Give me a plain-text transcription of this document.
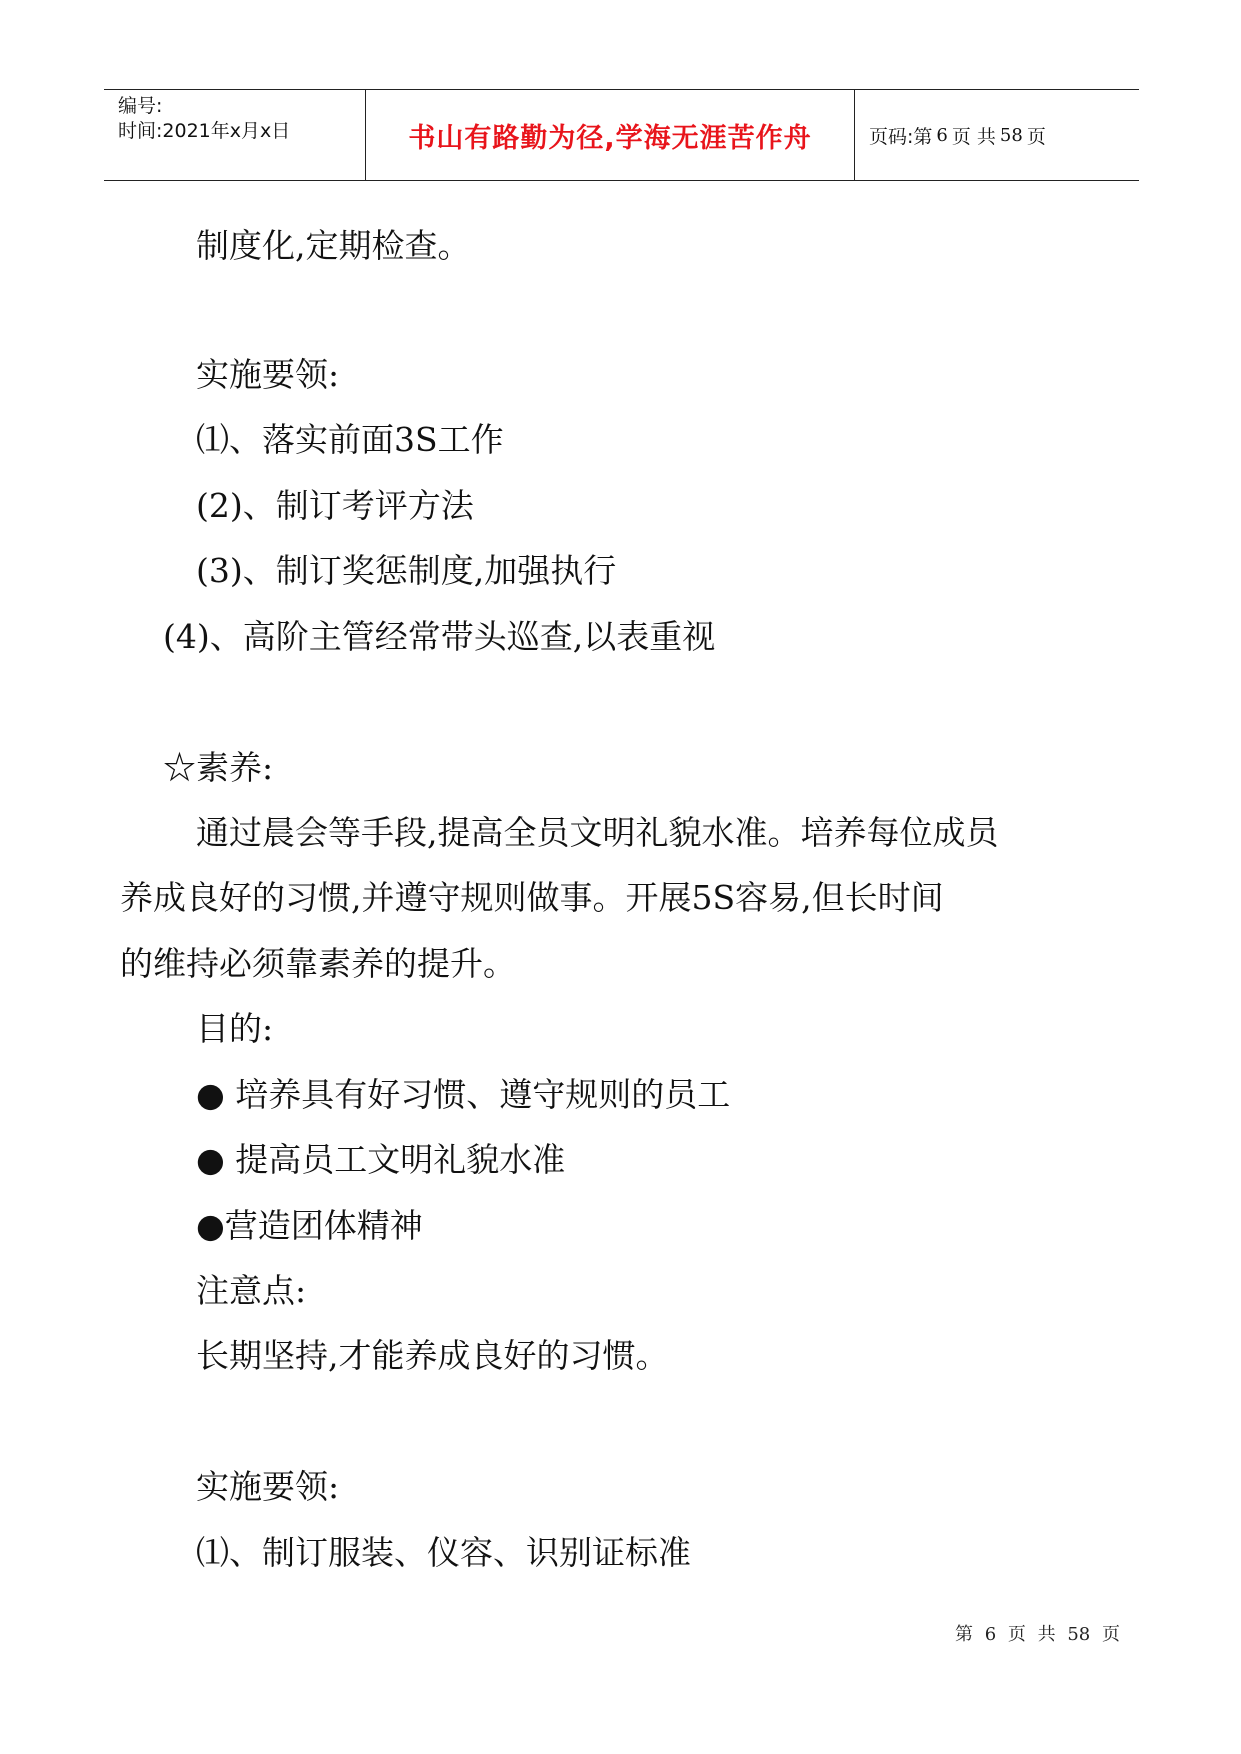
编号:
时间:2021年x月x日	书山有路勤为径,学海无涯苦作舟	页码:第 6 页 共 58 页
制度化,定期检查。
实施要领:
⑴、落实前面3S工作
(2)、制订考评方法
(3)、制订奖惩制度,加强执行
(4)、高阶主管经常带头巡查,以表重视
☆素养:
通过晨会等手段,提高全员文明礼貌水准。培养每位成员
养成良好的习惯,并遵守规则做事。开展5S容易,但长时间
的维持必须靠素养的提升。
目的:
● 培养具有好习惯、遵守规则的员工
● 提高员工文明礼貌水准
●营造团体精神
注意点:
长期坚持,才能养成良好的习惯。
实施要领:
⑴、制订服装、仪容、识别证标准
第 6 页 共 58 页
